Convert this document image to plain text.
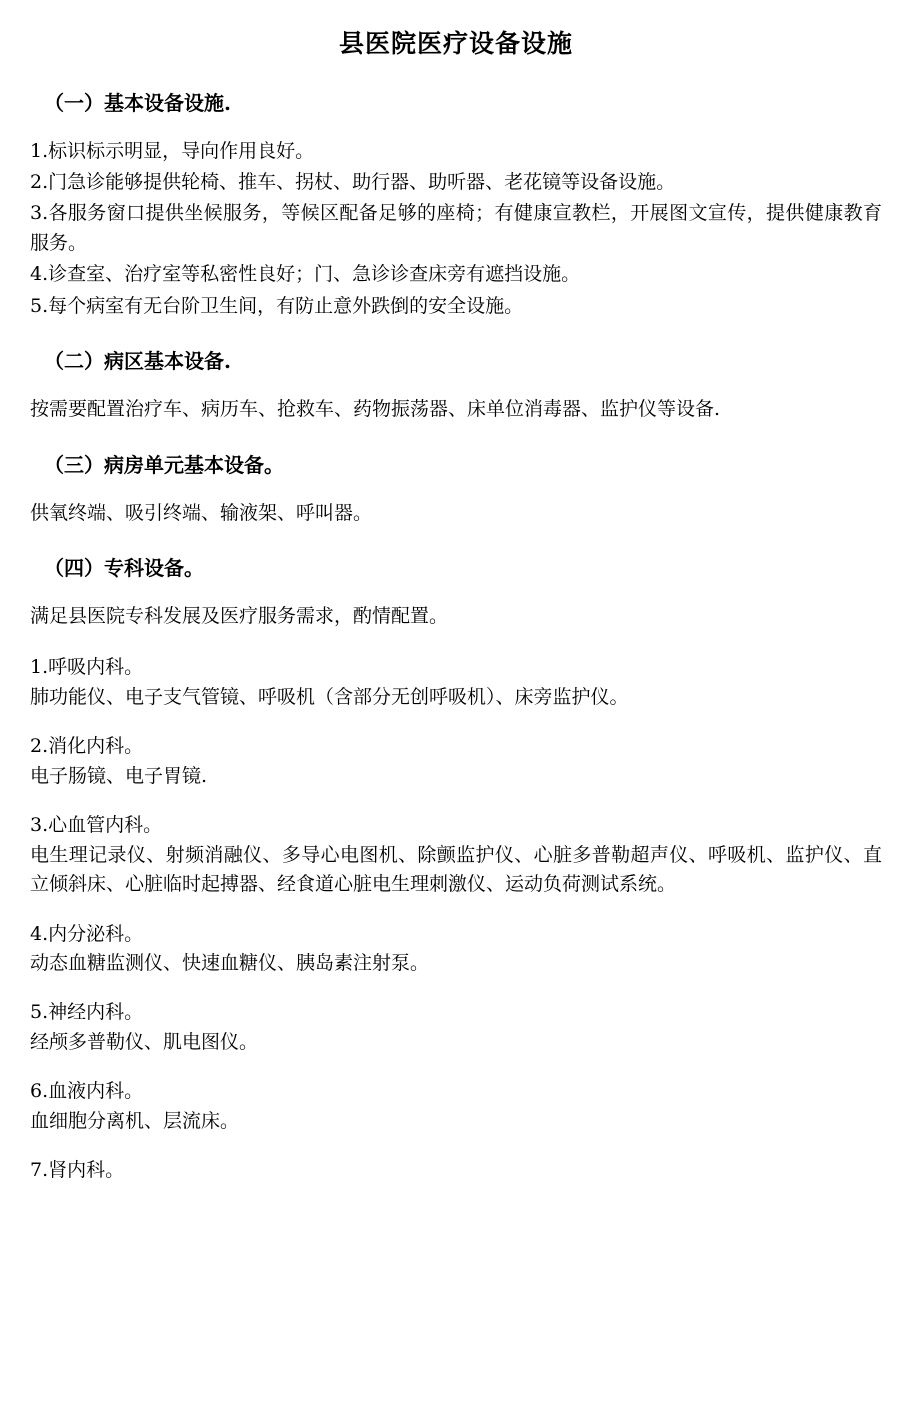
县医院医疗设备设施
（一）基本设备设施.

1.标识标示明显，导向作用良好。

2.门急诊能够提供轮椅、推车、拐杖、助行器、助听器、老花镜等设备设施。

3.各服务窗口提供坐候服务，等候区配备足够的座椅；有健康宣教栏，开展图文宣传，提供健康教育服务。

4.诊查室、治疗室等私密性良好；门、急诊诊查床旁有遮挡设施。

5.每个病室有无台阶卫生间，有防止意外跌倒的安全设施。

（二）病区基本设备.

按需要配置治疗车、病历车、抢救车、药物振荡器、床单位消毒器、监护仪等设备.

（三）病房单元基本设备。

供氧终端、吸引终端、输液架、呼叫器。

（四）专科设备。

满足县医院专科发展及医疗服务需求，酌情配置。

1.呼吸内科。

肺功能仪、电子支气管镜、呼吸机（含部分无创呼吸机）、床旁监护仪。

2.消化内科。

电子肠镜、电子胃镜.

3.心血管内科。

电生理记录仪、射频消融仪、多导心电图机、除颤监护仪、心脏多普勒超声仪、呼吸机、监护仪、直立倾斜床、心脏临时起搏器、经食道心脏电生理刺激仪、运动负荷测试系统。

4.内分泌科。

动态血糖监测仪、快速血糖仪、胰岛素注射泵。

5.神经内科。

经颅多普勒仪、肌电图仪。

6.血液内科。

血细胞分离机、层流床。

7.肾内科。
